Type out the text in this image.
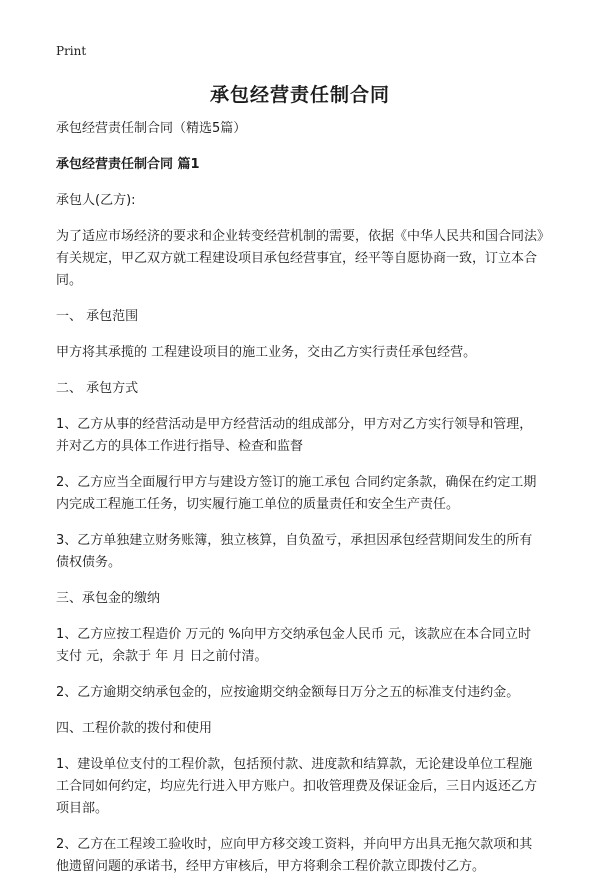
Print
承包经营责任制合同

承包经营责任制合同（精选5篇）

承包经营责任制合同 篇1

承包人(乙方):

为了适应市场经济的要求和企业转变经营机制的需要，依据《中华人民共和国合同法》有关规定，甲乙双方就工程建设项目承包经营事宜，经平等自愿协商一致，订立本合同。

一、 承包范围

甲方将其承揽的 工程建设项目的施工业务，交由乙方实行责任承包经营。

二、 承包方式

1、乙方从事的经营活动是甲方经营活动的组成部分，甲方对乙方实行领导和管理，并对乙方的具体工作进行指导、检查和监督

2、乙方应当全面履行甲方与建设方签订的施工承包 合同约定条款，确保在约定工期内完成工程施工任务，切实履行施工单位的质量责任和安全生产责任。

3、乙方单独建立财务账簿，独立核算，自负盈亏，承担因承包经营期间发生的所有债权债务。

三、承包金的缴纳

1、乙方应按工程造价 万元的 %向甲方交纳承包金人民币 元，该款应在本合同立时支付 元，余款于 年 月 日之前付清。

2、乙方逾期交纳承包金的，应按逾期交纳金额每日万分之五的标准支付违约金。

四、工程价款的拨付和使用

1、建设单位支付的工程价款，包括预付款、进度款和结算款，无论建设单位工程施工合同如何约定，均应先行进入甲方账户。扣收管理费及保证金后，三日内返还乙方项目部。

2、乙方在工程竣工验收时，应向甲方移交竣工资料，并向甲方出具无拖欠款项和其他遗留问题的承诺书，经甲方审核后，甲方将剩余工程价款立即拨付乙方。
